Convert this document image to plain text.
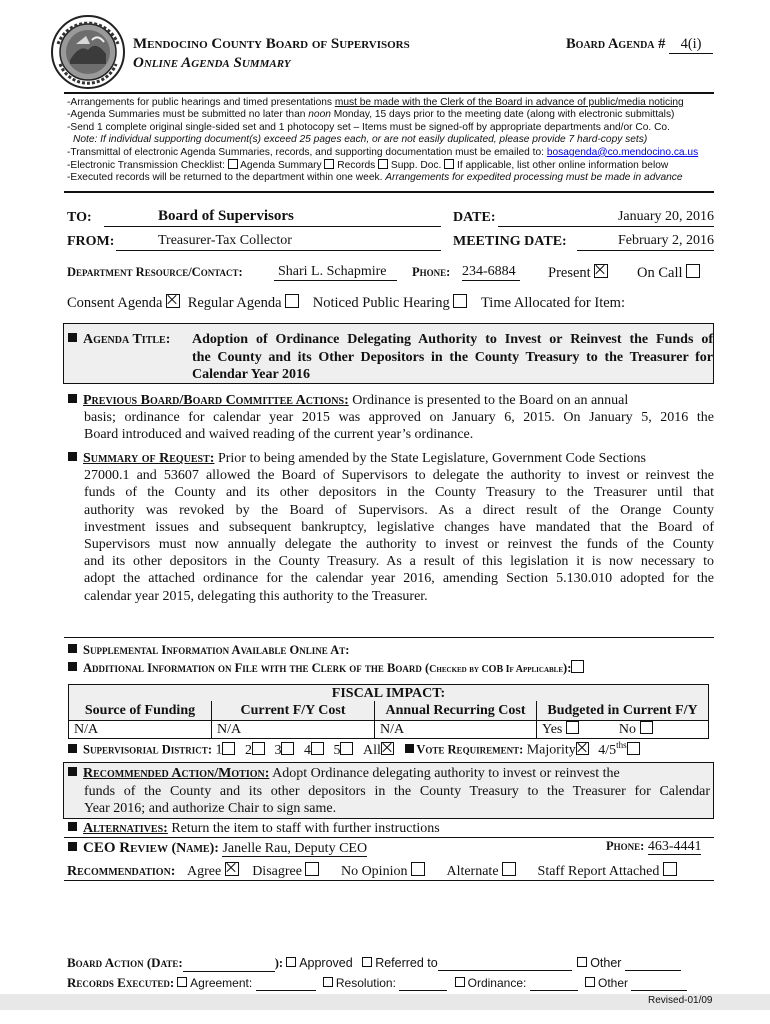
Mendocino County Board of Supervisors
Online Agenda Summary
Board Agenda # 4(i)
-Arrangements for public hearings and timed presentations must be made with the Clerk of the Board in advance of public/media noticing
-Agenda Summaries must be submitted no later than noon Monday, 15 days prior to the meeting date (along with electronic submittals)
-Send 1 complete original single-sided set and 1 photocopy set – Items must be signed-off by appropriate departments and/or Co. Co.
Note: If individual supporting document(s) exceed 25 pages each, or are not easily duplicated, please provide 7 hard-copy sets)
-Transmittal of electronic Agenda Summaries, records, and supporting documentation must be emailed to: bosagenda@co.mendocino.ca.us
-Electronic Transmission Checklist:  Agenda Summary Records Supp. Doc. If applicable, list other online information below
-Executed records will be returned to the department within one week. Arrangements for expedited processing must be made in advance
TO:	Board of Supervisors	DATE:	January 20, 2016
FROM:	Treasurer-Tax Collector	MEETING DATE:	February 2, 2016
Department Resource/Contact:	Shari L. Schapmire	Phone: 234-6884 Present	On Call
Consent Agenda Regular Agenda Noticed Public Hearing Time Allocated for Item:
Agenda Title: Adoption of Ordinance Delegating Authority to Invest or Reinvest the Funds of
the County and its Other Depositors in the County Treasury to the Treasurer for
Calendar Year 2016
Previous Board/Board Committee Actions: Ordinance is presented to the Board on an annual
basis; ordinance for calendar year 2015 was approved on January 6, 2015. On January 5, 2016 the
Board introduced and waived reading of the current year’s ordinance.
Summary of Request: Prior to being amended by the State Legislature, Government Code Sections
27000.1 and 53607 allowed the Board of Supervisors to delegate the authority to invest or reinvest the
funds of the County and its other depositors in the County Treasury to the Treasurer until that
authority was revoked by the Board of Supervisors. As a direct result of the Orange County
investment issues and subsequent bankruptcy, legislative changes have mandated that the Board of
Supervisors must now annually delegate the authority to invest or reinvest the funds of the County
and its other depositors in the County Treasury. As a result of this legislation it is now necessary to
adopt the attached ordinance for the calendar year 2016, amending Section 5.130.010 adopted for the
calendar year 2015, delegating this authority to the Treasurer.
Supplemental Information Available Online At:
Additional Information on File with the Clerk of the Board (Checked by COB If Applicable):
FISCAL IMPACT:
Source of Funding	Current F/Y Cost	Annual Recurring Cost	Budgeted in Current F/Y
N/A	N/A	N/A	Yes	No
Supervisorial District: 1 2 3 4 5 All	Vote Requirement: Majority $4/5^{ths}$
Recommended Action/Motion: Adopt Ordinance delegating authority to invest or reinvest the
funds of the County and its other depositors in the County Treasury to the Treasurer for Calendar
Year 2016; and authorize Chair to sign same.
Alternatives: Return the item to staff with further instructions
CEO Review (Name): Janelle Rau, Deputy CEO	Phone: 463-4441
Recommendation: Agree Disagree	No Opinion	Alternate	Staff Report Attached
Board Action (Date:	): Approved Referred to	Other
Records Executed: Agreement:	Resolution:	Ordinance:	Other
Revised-01/09
